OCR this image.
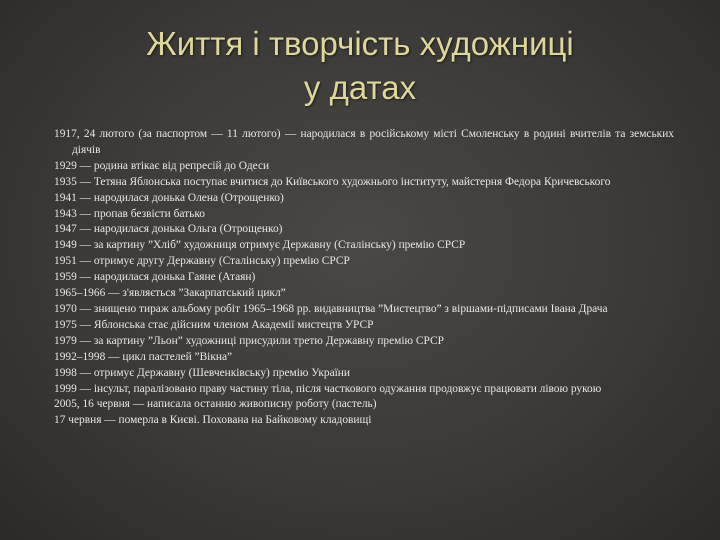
Життя і творчість художниці
у датах
1917, 24 лютого (за паспортом — 11 лютого) — народилася в російському місті Смоленську в родині вчителів та земських діячів
1929 — родина втікає від репресій до Одеси
1935 — Тетяна Яблонська поступає вчитися до Київського художнього інституту, майстерня Федора Кричевського
1941 — народилася донька Олена (Отрощенко)
1943 — пропав безвісти батько
1947 — народилася донька Ольга (Отрощенко)
1949 — за картину ”Хліб” художниця отримує Державну (Сталінську) премію СРСР
1951 — отримує другу Державну (Сталінську) премію СРСР
1959 — народилася донька Гаяне (Атаян)
1965–1966 — з'являється ”Закарпатський цикл”
1970 — знищено тираж альбому робіт 1965–1968 рр. видавництва ”Мистецтво” з віршами-підписами Івана Драча
1975 — Яблонська стає дійсним членом Академії мистецтв УРСР
1979 — за картину ”Льон” художниці присудили третю Державну премію СРСР
1992–1998 — цикл пастелей ”Вікна”
1998 — отримує Державну (Шевченківську) премію України
1999 — інсульт, паралізовано праву частину тіла, після часткового одужання продовжує працювати лівою рукою
2005, 16 червня — написала останню живописну роботу (пастель)
17 червня — померла в Києві. Похована на Байковому кладовищі
